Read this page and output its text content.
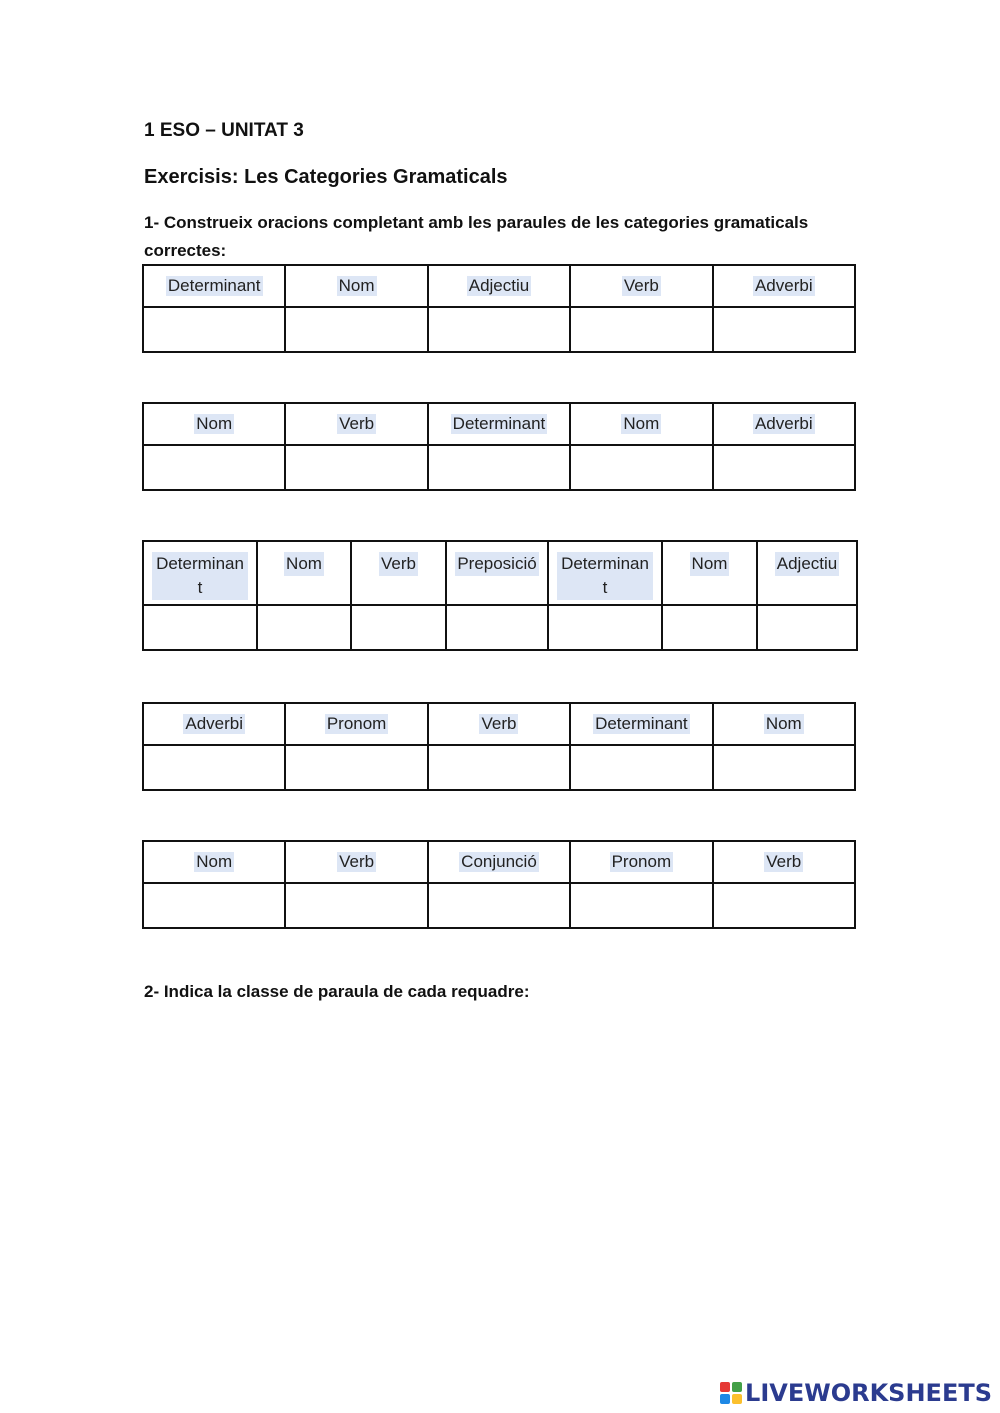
1 ESO – UNITAT 3
Exercisis: Les Categories Gramaticals
1- Construeix oracions completant amb les paraules de les categories gramaticals correctes:
Determinant	Nom	Adjectiu	Verb	Adverbi

Nom	Verb	Determinant	Nom	Adverbi

Determinant	Nom	Verb	Preposició	Determinant	Nom	Adjectiu

Adverbi	Pronom	Verb	Determinant	Nom

Nom	Verb	Conjunció	Pronom	Verb

2- Indica la classe de paraula de cada requadre:
LIVEWORKSHEETS
